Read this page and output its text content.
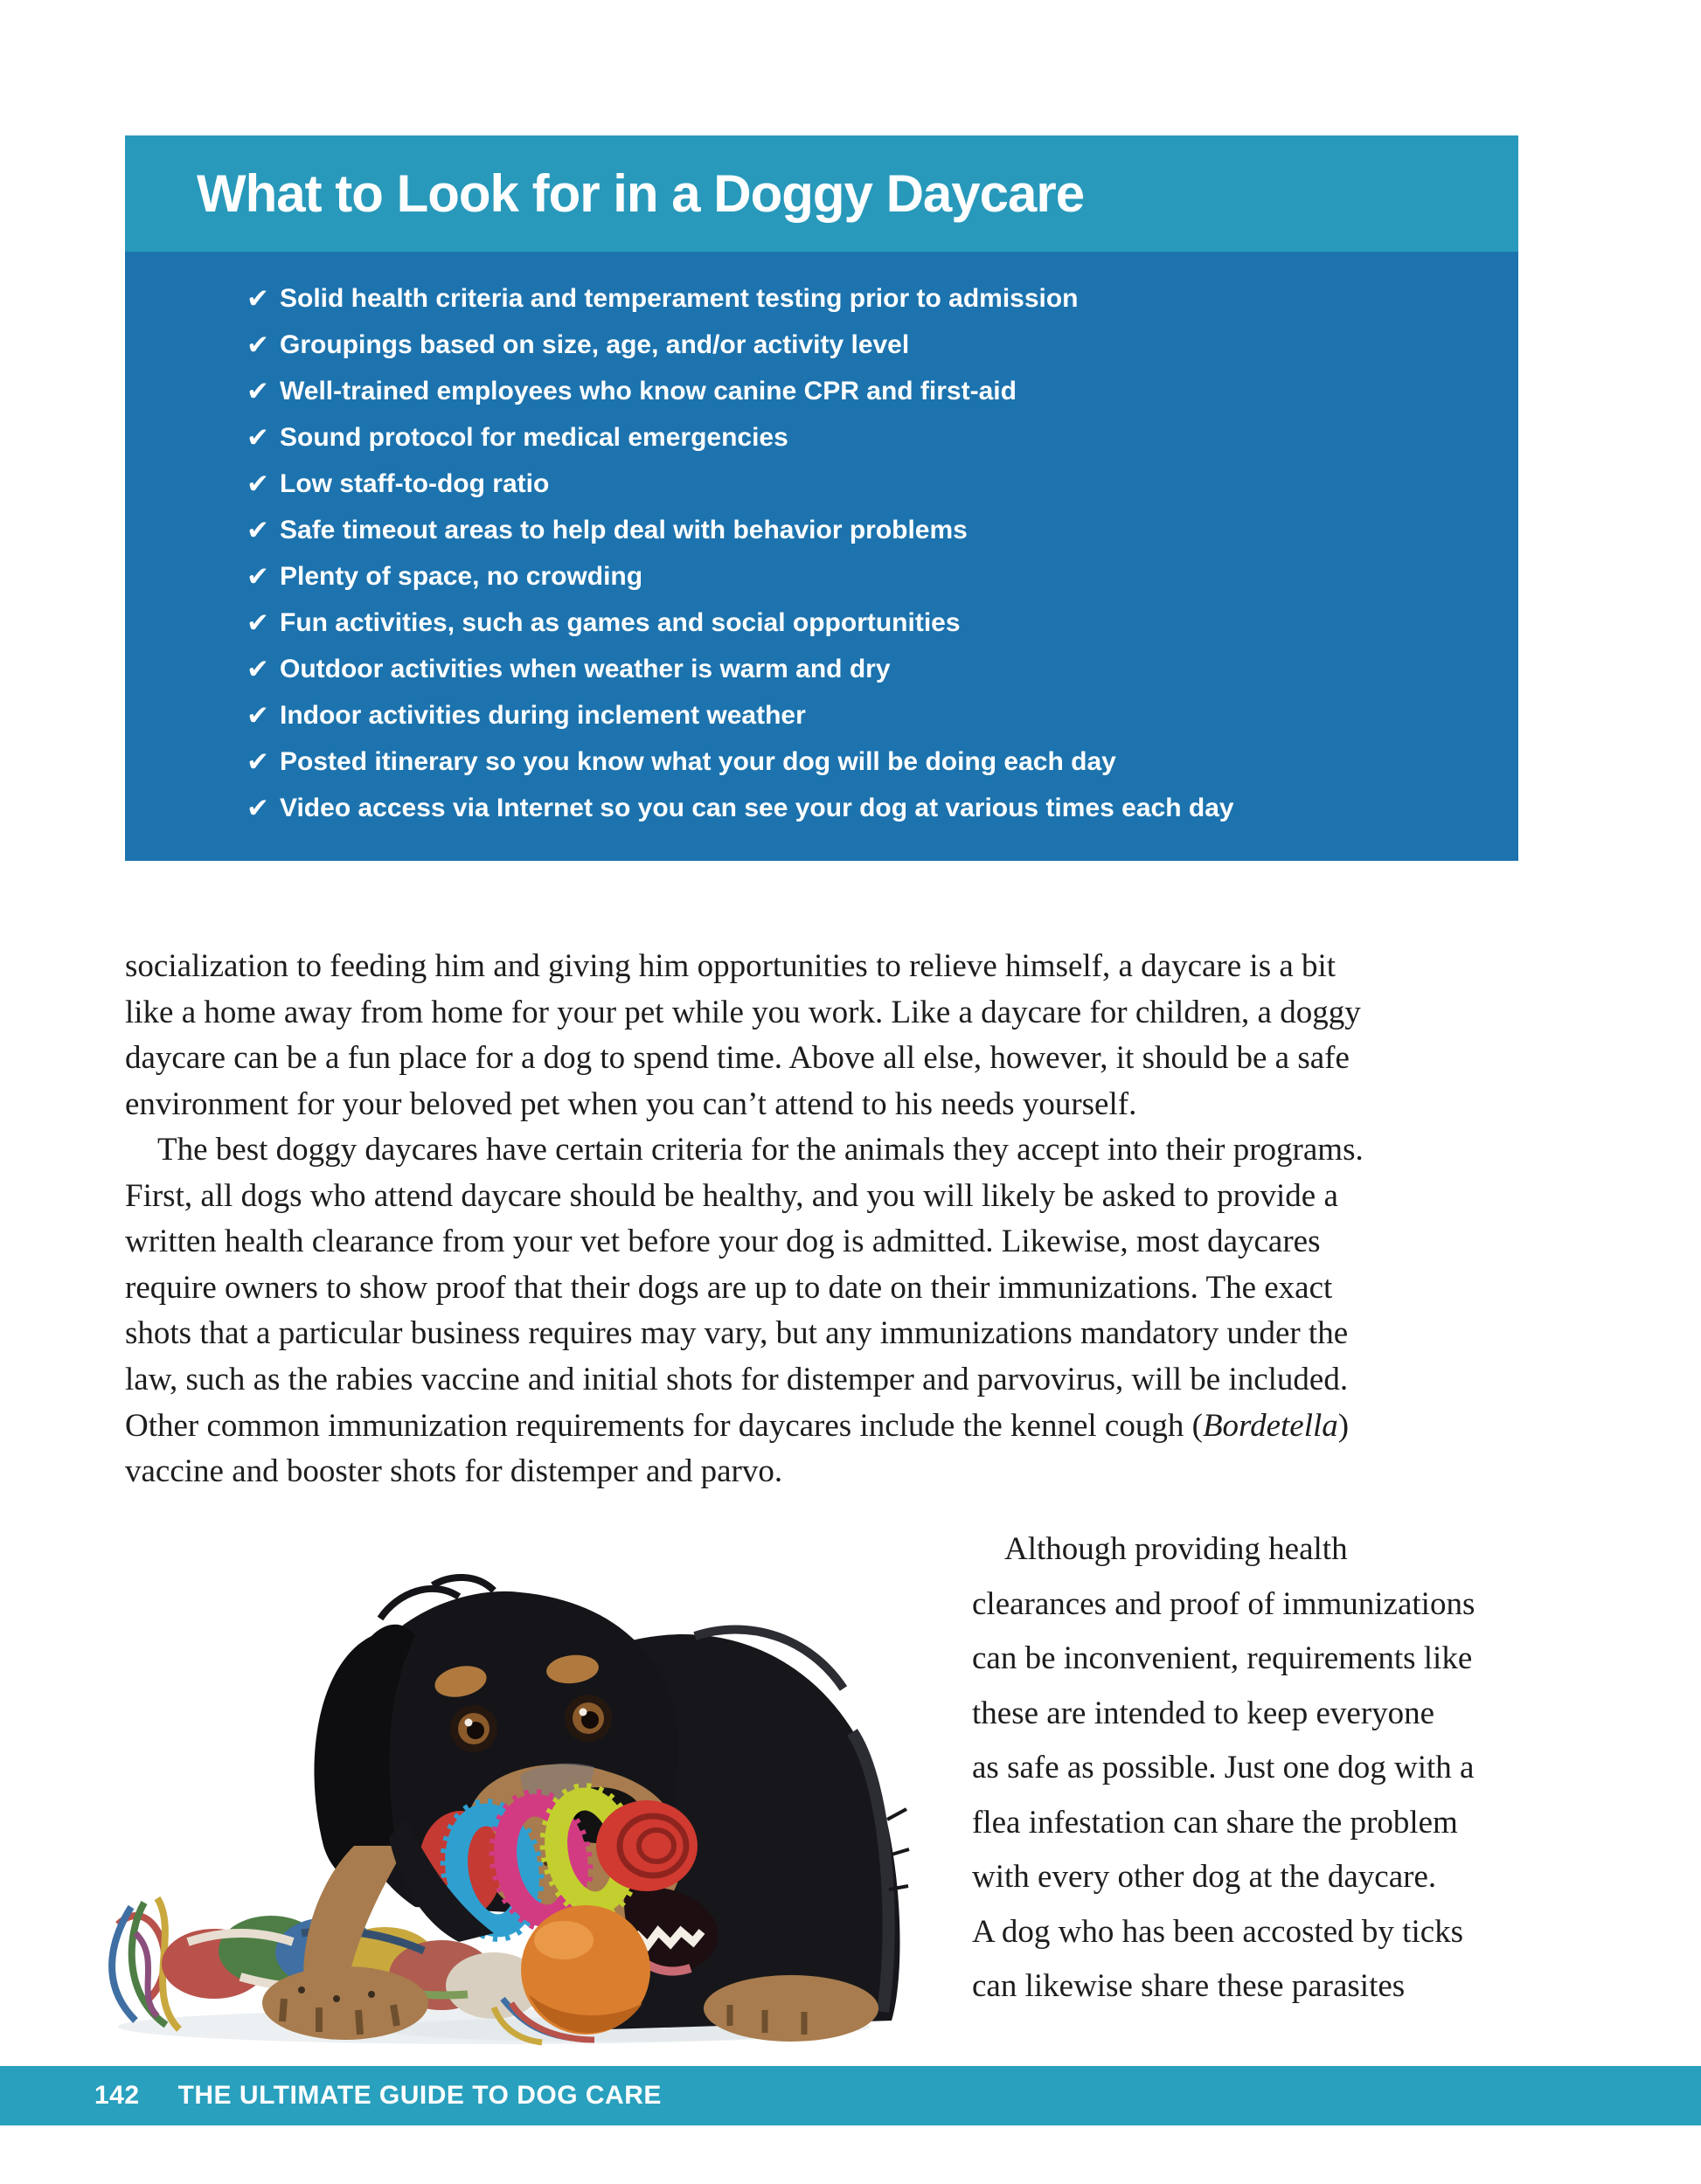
What to Look for in a Doggy Daycare
✔ Solid health criteria and temperament testing prior to admission
✔ Groupings based on size, age, and/or activity level
✔ Well-trained employees who know canine CPR and first-aid
✔ Sound protocol for medical emergencies
✔ Low staff-to-dog ratio
✔ Safe timeout areas to help deal with behavior problems
✔ Plenty of space, no crowding
✔ Fun activities, such as games and social opportunities
✔ Outdoor activities when weather is warm and dry
✔ Indoor activities during inclement weather
✔ Posted itinerary so you know what your dog will be doing each day
✔ Video access via Internet so you can see your dog at various times each day
socialization to feeding him and giving him opportunities to relieve himself, a daycare is a bit
like a home away from home for your pet while you work. Like a daycare for children, a doggy
daycare can be a fun place for a dog to spend time. Above all else, however, it should be a safe
environment for your beloved pet when you can’t attend to his needs yourself.
The best doggy daycares have certain criteria for the animals they accept into their programs.
First, all dogs who attend daycare should be healthy, and you will likely be asked to provide a
written health clearance from your vet before your dog is admitted. Likewise, most daycares
require owners to show proof that their dogs are up to date on their immunizations. The exact
shots that a particular business requires may vary, but any immunizations mandatory under the
law, such as the rabies vaccine and initial shots for distemper and parvovirus, will be included.
Other common immunization requirements for daycares include the kennel cough (Bordetella)
vaccine and booster shots for distemper and parvo.
Although providing health
clearances and proof of immunizations
can be inconvenient, requirements like
these are intended to keep everyone
as safe as possible. Just one dog with a
flea infestation can share the problem
with every other dog at the daycare.
A dog who has been accosted by ticks
can likewise share these parasites
142 THE ULTIMATE GUIDE TO DOG CARE
